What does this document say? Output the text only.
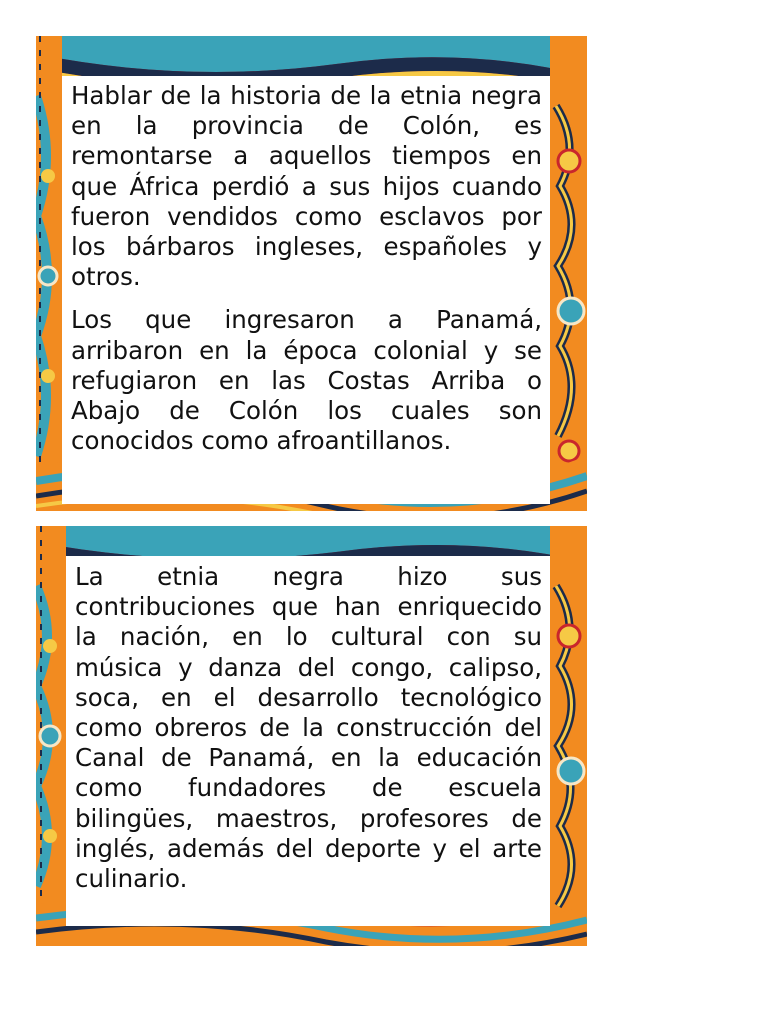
Hablar de la historia de la etnia negra en la provincia de Colón, es remontarse a aquellos tiempos en que África perdió a sus hijos cuando fueron vendidos como esclavos por los bárbaros ingleses, españoles y otros.

Los que ingresaron a Panamá, arribaron en la época colonial y se refugiaron en las Costas Arriba o Abajo de Colón los cuales son conocidos como afroantillanos.

La etnia negra hizo sus contribuciones que han enriquecido la nación, en lo cultural con su música y danza del congo, calipso, soca, en el desarrollo tecnológico como obreros de la construcción del Canal de Panamá, en la educación como fundadores de escuela bilingües, maestros, profesores de inglés, además del deporte y el arte culinario.
